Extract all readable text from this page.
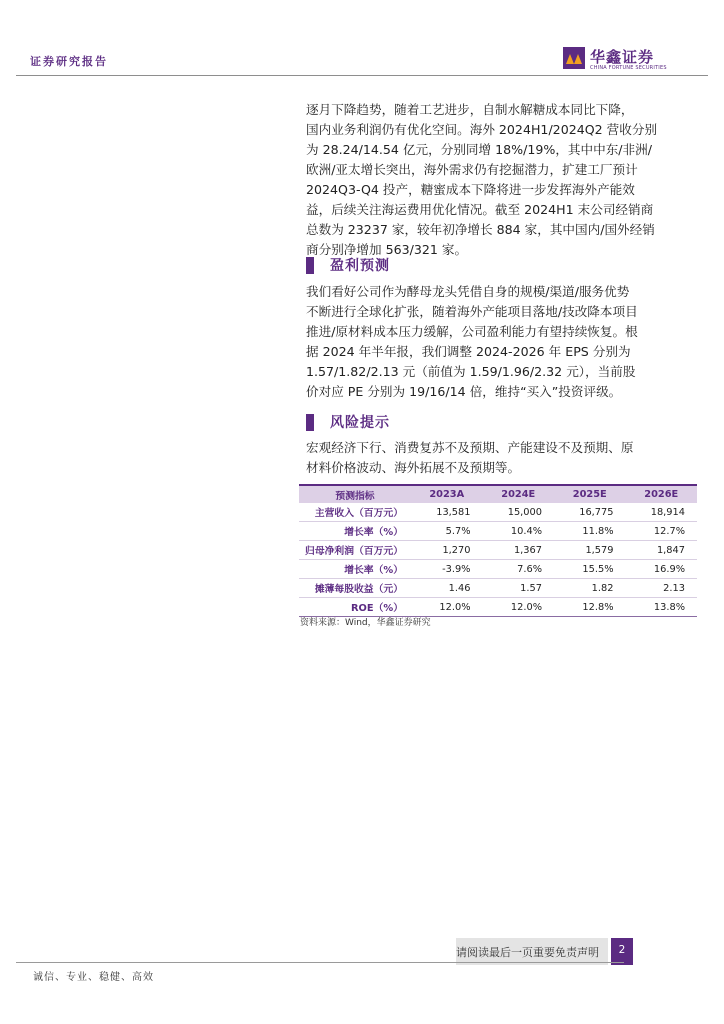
证券研究报告	华鑫证券
CHINA FORTUNE SECURITIES

逐月下降趋势，随着工艺进步，自制水解糖成本同比下降，

国内业务利润仍有优化空间。海外 2024H1/2024Q2 营收分别

为 28.24/14.54 亿元，分别同增 18%/19%，其中中东/非洲/

欧洲/亚太增长突出，海外需求仍有挖掘潜力，扩建工厂预计

2024Q3-Q4 投产，糖蜜成本下降将进一步发挥海外产能效

益，后续关注海运费用优化情况。截至 2024H1 末公司经销商

总数为 23237 家，较年初净增长 884 家，其中国内/国外经销

商分别净增加 563/321 家。

盈利预测

我们看好公司作为酵母龙头凭借自身的规模/渠道/服务优势

不断进行全球化扩张，随着海外产能项目落地/技改降本项目

推进/原材料成本压力缓解，公司盈利能力有望持续恢复。根

据 2024 年半年报，我们调整 2024-2026 年 EPS 分别为

1.57/1.82/2.13 元（前值为 1.59/1.96/2.32 元），当前股

价对应 PE 分别为 19/16/14 倍，维持“买入”投资评级。

风险提示

宏观经济下行、消费复苏不及预期、产能建设不及预期、原

材料价格波动、海外拓展不及预期等。

预测指标	2023A	2024E	2025E	2026E
主营收入（百万元）	13,581	15,000	16,775	18,914
增长率（%）	5.7%	10.4%	11.8%	12.7%
归母净利润（百万元）	1,270	1,367	1,579	1,847
增长率（%）	-3.9%	7.6%	15.5%	16.9%
摊薄每股收益（元）	1.46	1.57	1.82	2.13
ROE（%）	12.0%	12.0%	12.8%	13.8%
资料来源：Wind，华鑫证券研究
请阅读最后一页重要免责声明	2
诚信、专业、稳健、高效
